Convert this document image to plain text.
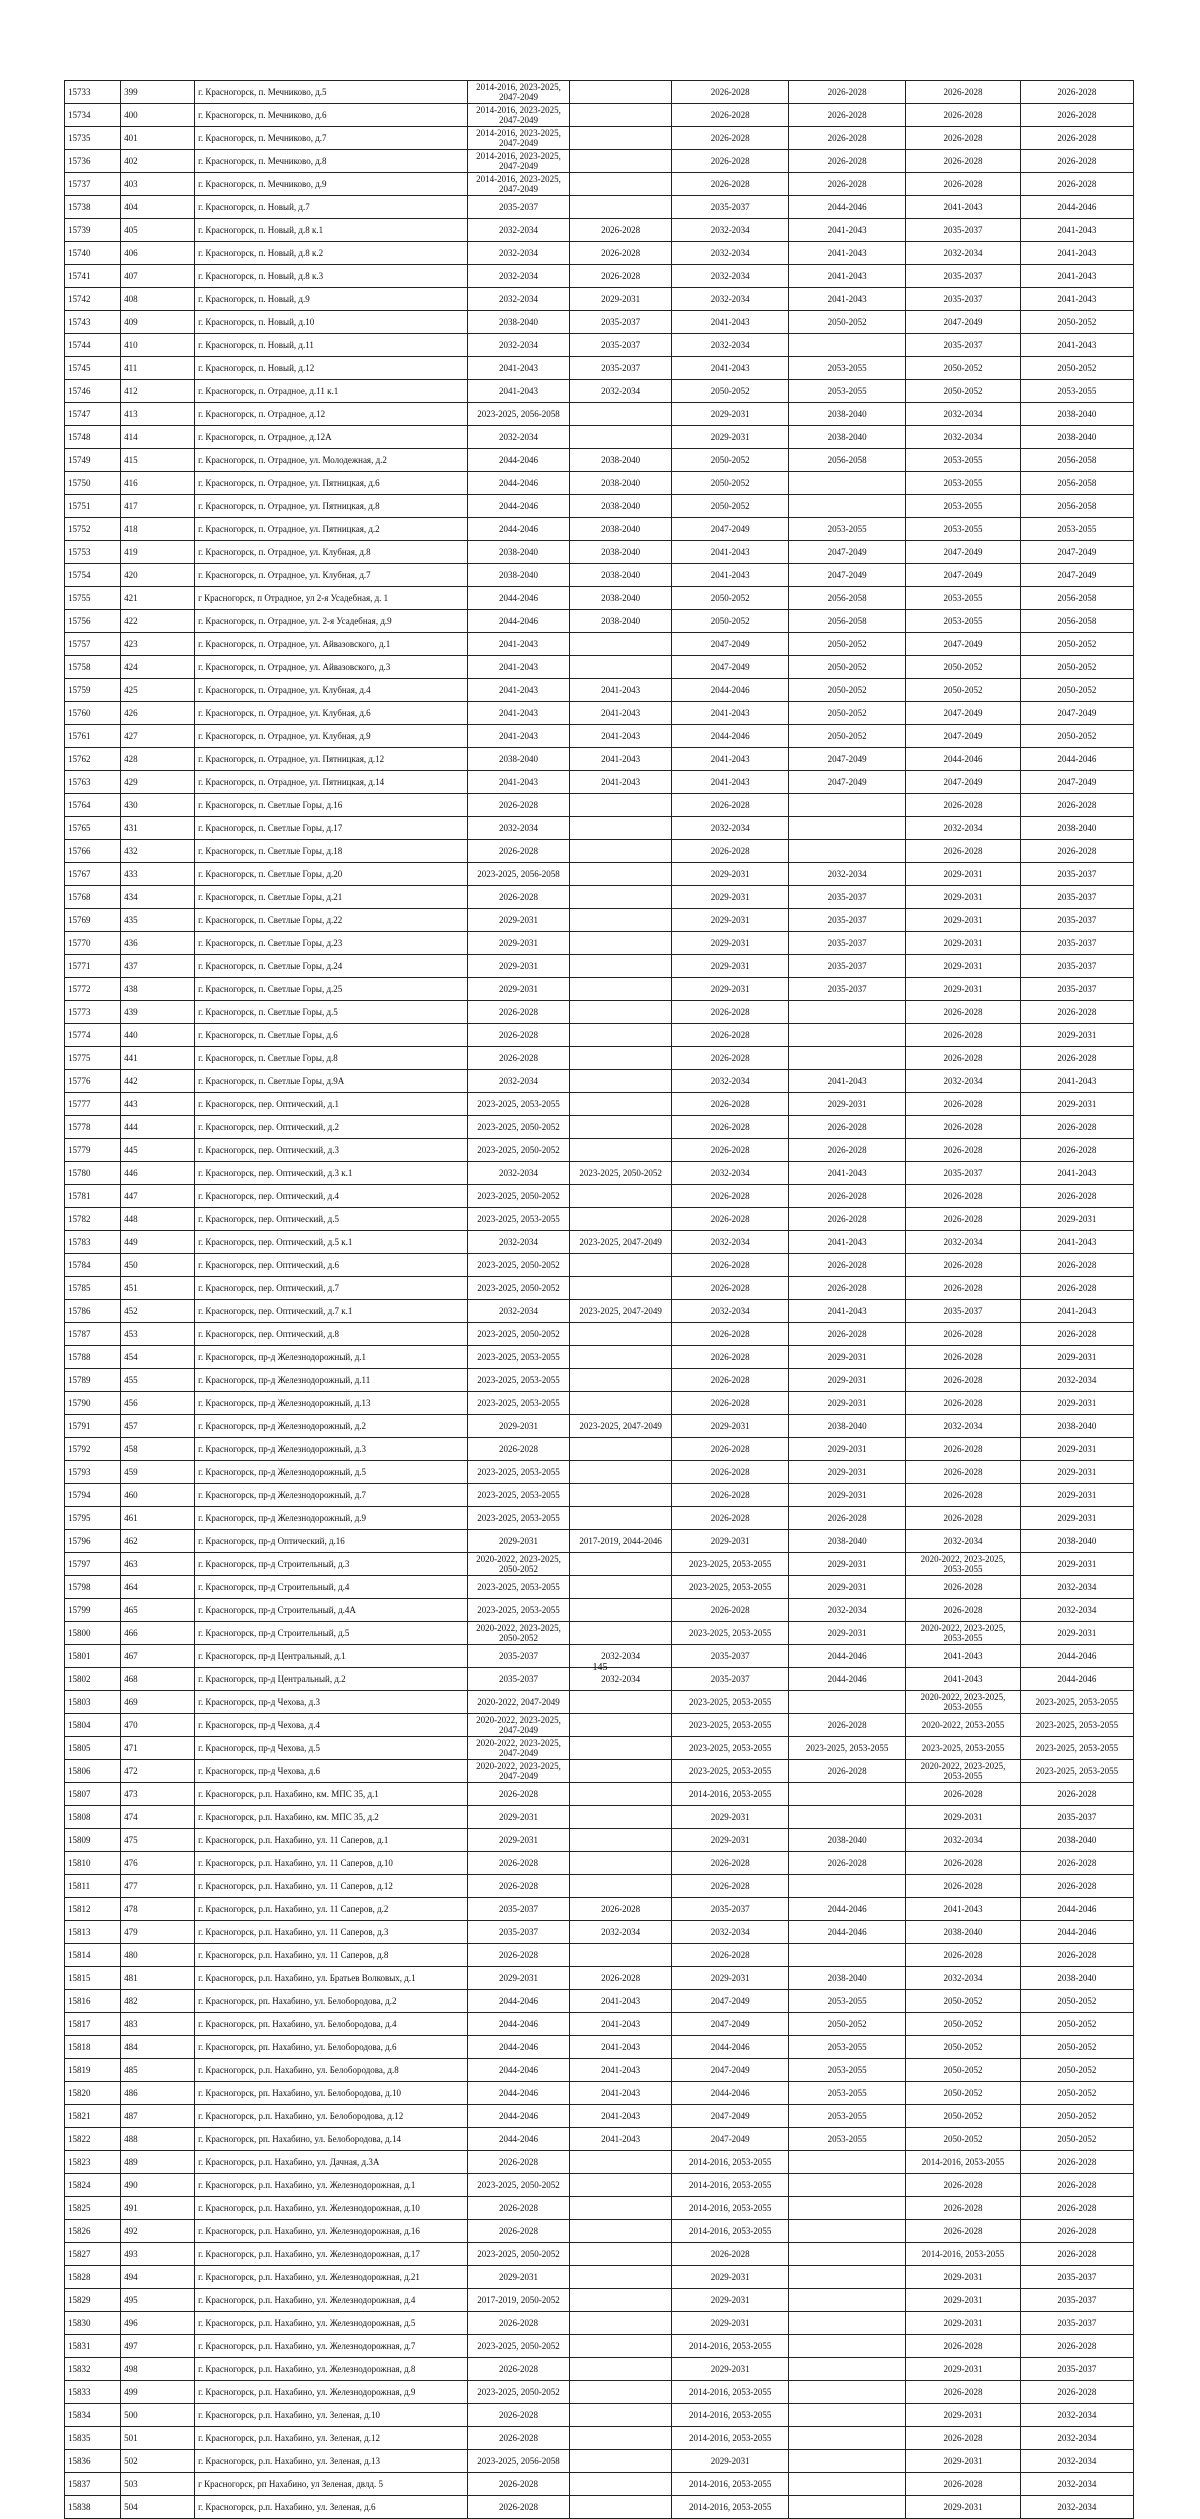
15733	399	г. Красногорск, п. Мечниково, д.5	2014-2016, 2023-2025, 2047-2049		2026-2028	2026-2028	2026-2028	2026-2028
15734	400	г. Красногорск, п. Мечниково, д.6	2014-2016, 2023-2025, 2047-2049		2026-2028	2026-2028	2026-2028	2026-2028
15735	401	г. Красногорск, п. Мечниково, д.7	2014-2016, 2023-2025, 2047-2049		2026-2028	2026-2028	2026-2028	2026-2028
15736	402	г. Красногорск, п. Мечниково, д.8	2014-2016, 2023-2025, 2047-2049		2026-2028	2026-2028	2026-2028	2026-2028
15737	403	г. Красногорск, п. Мечниково, д.9	2014-2016, 2023-2025, 2047-2049		2026-2028	2026-2028	2026-2028	2026-2028
15738	404	г. Красногорск, п. Новый, д.7	2035-2037		2035-2037	2044-2046	2041-2043	2044-2046
15739	405	г. Красногорск, п. Новый, д.8 к.1	2032-2034	2026-2028	2032-2034	2041-2043	2035-2037	2041-2043
15740	406	г. Красногорск, п. Новый, д.8 к.2	2032-2034	2026-2028	2032-2034	2041-2043	2032-2034	2041-2043
15741	407	г. Красногорск, п. Новый, д.8 к.3	2032-2034	2026-2028	2032-2034	2041-2043	2035-2037	2041-2043
15742	408	г. Красногорск, п. Новый, д.9	2032-2034	2029-2031	2032-2034	2041-2043	2035-2037	2041-2043
15743	409	г. Красногорск, п. Новый, д.10	2038-2040	2035-2037	2041-2043	2050-2052	2047-2049	2050-2052
15744	410	г. Красногорск, п. Новый, д.11	2032-2034	2035-2037	2032-2034		2035-2037	2041-2043
15745	411	г. Красногорск, п. Новый, д.12	2041-2043	2035-2037	2041-2043	2053-2055	2050-2052	2050-2052
15746	412	г. Красногорск, п. Отрадное, д.11 к.1	2041-2043	2032-2034	2050-2052	2053-2055	2050-2052	2053-2055
15747	413	г. Красногорск, п. Отрадное, д.12	2023-2025, 2056-2058		2029-2031	2038-2040	2032-2034	2038-2040
15748	414	г. Красногорск, п. Отрадное, д.12А	2032-2034		2029-2031	2038-2040	2032-2034	2038-2040
15749	415	г. Красногорск, п. Отрадное, ул. Молодежная, д.2	2044-2046	2038-2040	2050-2052	2056-2058	2053-2055	2056-2058
15750	416	г. Красногорск, п. Отрадное, ул. Пятницкая, д.6	2044-2046	2038-2040	2050-2052		2053-2055	2056-2058
15751	417	г. Красногорск, п. Отрадное, ул. Пятницкая, д.8	2044-2046	2038-2040	2050-2052		2053-2055	2056-2058
15752	418	г. Красногорск, п. Отрадное, ул. Пятницкая, д.2	2044-2046	2038-2040	2047-2049	2053-2055	2053-2055	2053-2055
15753	419	г. Красногорск, п. Отрадное, ул. Клубная, д.8	2038-2040	2038-2040	2041-2043	2047-2049	2047-2049	2047-2049
15754	420	г. Красногорск, п. Отрадное, ул. Клубная, д.7	2038-2040	2038-2040	2041-2043	2047-2049	2047-2049	2047-2049
15755	421	г Красногорск, п Отрадное, ул 2-я Усадебная, д. 1	2044-2046	2038-2040	2050-2052	2056-2058	2053-2055	2056-2058
15756	422	г. Красногорск, п. Отрадное, ул. 2-я Усадебная, д.9	2044-2046	2038-2040	2050-2052	2056-2058	2053-2055	2056-2058
15757	423	г. Красногорск, п. Отрадное, ул. Айвазовского, д.1	2041-2043		2047-2049	2050-2052	2047-2049	2050-2052
15758	424	г. Красногорск, п. Отрадное, ул. Айвазовского, д.3	2041-2043		2047-2049	2050-2052	2050-2052	2050-2052
15759	425	г. Красногорск, п. Отрадное, ул. Клубная, д.4	2041-2043	2041-2043	2044-2046	2050-2052	2050-2052	2050-2052
15760	426	г. Красногорск, п. Отрадное, ул. Клубная, д.6	2041-2043	2041-2043	2041-2043	2050-2052	2047-2049	2047-2049
15761	427	г. Красногорск, п. Отрадное, ул. Клубная, д.9	2041-2043	2041-2043	2044-2046	2050-2052	2047-2049	2050-2052
15762	428	г. Красногорск, п. Отрадное, ул. Пятницкая, д.12	2038-2040	2041-2043	2041-2043	2047-2049	2044-2046	2044-2046
15763	429	г. Красногорск, п. Отрадное, ул. Пятницкая, д.14	2041-2043	2041-2043	2041-2043	2047-2049	2047-2049	2047-2049
15764	430	г. Красногорск, п. Светлые Горы, д.16	2026-2028		2026-2028		2026-2028	2026-2028
15765	431	г. Красногорск, п. Светлые Горы, д.17	2032-2034		2032-2034		2032-2034	2038-2040
15766	432	г. Красногорск, п. Светлые Горы, д.18	2026-2028		2026-2028		2026-2028	2026-2028
15767	433	г. Красногорск, п. Светлые Горы, д.20	2023-2025, 2056-2058		2029-2031	2032-2034	2029-2031	2035-2037
15768	434	г. Красногорск, п. Светлые Горы, д.21	2026-2028		2029-2031	2035-2037	2029-2031	2035-2037
15769	435	г. Красногорск, п. Светлые Горы, д.22	2029-2031		2029-2031	2035-2037	2029-2031	2035-2037
15770	436	г. Красногорск, п. Светлые Горы, д.23	2029-2031		2029-2031	2035-2037	2029-2031	2035-2037
15771	437	г. Красногорск, п. Светлые Горы, д.24	2029-2031		2029-2031	2035-2037	2029-2031	2035-2037
15772	438	г. Красногорск, п. Светлые Горы, д.25	2029-2031		2029-2031	2035-2037	2029-2031	2035-2037
15773	439	г. Красногорск, п. Светлые Горы, д.5	2026-2028		2026-2028		2026-2028	2026-2028
15774	440	г. Красногорск, п. Светлые Горы, д.6	2026-2028		2026-2028		2026-2028	2029-2031
15775	441	г. Красногорск, п. Светлые Горы, д.8	2026-2028		2026-2028		2026-2028	2026-2028
15776	442	г. Красногорск, п. Светлые Горы, д.9А	2032-2034		2032-2034	2041-2043	2032-2034	2041-2043
15777	443	г. Красногорск, пер. Оптический, д.1	2023-2025, 2053-2055		2026-2028	2029-2031	2026-2028	2029-2031
15778	444	г. Красногорск, пер. Оптический, д.2	2023-2025, 2050-2052		2026-2028	2026-2028	2026-2028	2026-2028
15779	445	г. Красногорск, пер. Оптический, д.3	2023-2025, 2050-2052		2026-2028	2026-2028	2026-2028	2026-2028
15780	446	г. Красногорск, пер. Оптический, д.3 к.1	2032-2034	2023-2025, 2050-2052	2032-2034	2041-2043	2035-2037	2041-2043
15781	447	г. Красногорск, пер. Оптический, д.4	2023-2025, 2050-2052		2026-2028	2026-2028	2026-2028	2026-2028
15782	448	г. Красногорск, пер. Оптический, д.5	2023-2025, 2053-2055		2026-2028	2026-2028	2026-2028	2029-2031
15783	449	г. Красногорск, пер. Оптический, д.5 к.1	2032-2034	2023-2025, 2047-2049	2032-2034	2041-2043	2032-2034	2041-2043
15784	450	г. Красногорск, пер. Оптический, д.6	2023-2025, 2050-2052		2026-2028	2026-2028	2026-2028	2026-2028
15785	451	г. Красногорск, пер. Оптический, д.7	2023-2025, 2050-2052		2026-2028	2026-2028	2026-2028	2026-2028
15786	452	г. Красногорск, пер. Оптический, д.7 к.1	2032-2034	2023-2025, 2047-2049	2032-2034	2041-2043	2035-2037	2041-2043
15787	453	г. Красногорск, пер. Оптический, д.8	2023-2025, 2050-2052		2026-2028	2026-2028	2026-2028	2026-2028
15788	454	г. Красногорск, пр-д Железнодорожный, д.1	2023-2025, 2053-2055		2026-2028	2029-2031	2026-2028	2029-2031
15789	455	г. Красногорск, пр-д Железнодорожный, д.11	2023-2025, 2053-2055		2026-2028	2029-2031	2026-2028	2032-2034
15790	456	г. Красногорск, пр-д Железнодорожный, д.13	2023-2025, 2053-2055		2026-2028	2029-2031	2026-2028	2029-2031
15791	457	г. Красногорск, пр-д Железнодорожный, д.2	2029-2031	2023-2025, 2047-2049	2029-2031	2038-2040	2032-2034	2038-2040
15792	458	г. Красногорск, пр-д Железнодорожный, д.3	2026-2028		2026-2028	2029-2031	2026-2028	2029-2031
15793	459	г. Красногорск, пр-д Железнодорожный, д.5	2023-2025, 2053-2055		2026-2028	2029-2031	2026-2028	2029-2031
15794	460	г. Красногорск, пр-д Железнодорожный, д.7	2023-2025, 2053-2055		2026-2028	2029-2031	2026-2028	2029-2031
15795	461	г. Красногорск, пр-д Железнодорожный, д.9	2023-2025, 2053-2055		2026-2028	2026-2028	2026-2028	2029-2031
15796	462	г. Красногорск, пр-д Оптический, д.16	2029-2031	2017-2019, 2044-2046	2029-2031	2038-2040	2032-2034	2038-2040
15797	463	г. Красногорск, пр-д Строительный, д.3	2020-2022, 2023-2025, 2050-2052		2023-2025, 2053-2055	2029-2031	2020-2022, 2023-2025, 2053-2055	2029-2031
15798	464	г. Красногорск, пр-д Строительный, д.4	2023-2025, 2053-2055		2023-2025, 2053-2055	2029-2031	2026-2028	2032-2034
15799	465	г. Красногорск, пр-д Строительный, д.4А	2023-2025, 2053-2055		2026-2028	2032-2034	2026-2028	2032-2034
15800	466	г. Красногорск, пр-д Строительный, д.5	2020-2022, 2023-2025, 2050-2052		2023-2025, 2053-2055	2029-2031	2020-2022, 2023-2025, 2053-2055	2029-2031
15801	467	г. Красногорск, пр-д Центральный, д.1	2035-2037	2032-2034	2035-2037	2044-2046	2041-2043	2044-2046
15802	468	г. Красногорск, пр-д Центральный, д.2	2035-2037	2032-2034	2035-2037	2044-2046	2041-2043	2044-2046
15803	469	г. Красногорск, пр-д Чехова, д.3	2020-2022, 2047-2049		2023-2025, 2053-2055		2020-2022, 2023-2025, 2053-2055	2023-2025, 2053-2055
15804	470	г. Красногорск, пр-д Чехова, д.4	2020-2022, 2023-2025, 2047-2049		2023-2025, 2053-2055	2026-2028	2020-2022, 2053-2055	2023-2025, 2053-2055
15805	471	г. Красногорск, пр-д Чехова, д.5	2020-2022, 2023-2025, 2047-2049		2023-2025, 2053-2055	2023-2025, 2053-2055	2023-2025, 2053-2055	2023-2025, 2053-2055
15806	472	г. Красногорск, пр-д Чехова, д.6	2020-2022, 2023-2025, 2047-2049		2023-2025, 2053-2055	2026-2028	2020-2022, 2023-2025, 2053-2055	2023-2025, 2053-2055
15807	473	г. Красногорск, р.п. Нахабино, км. МПС 35, д.1	2026-2028		2014-2016, 2053-2055		2026-2028	2026-2028
15808	474	г. Красногорск, р.п. Нахабино, км. МПС 35, д.2	2029-2031		2029-2031		2029-2031	2035-2037
15809	475	г. Красногорск, р.п. Нахабино, ул. 11 Саперов, д.1	2029-2031		2029-2031	2038-2040	2032-2034	2038-2040
15810	476	г. Красногорск, р.п. Нахабино, ул. 11 Саперов, д.10	2026-2028		2026-2028	2026-2028	2026-2028	2026-2028
15811	477	г. Красногорск, р.п. Нахабино, ул. 11 Саперов, д.12	2026-2028		2026-2028		2026-2028	2026-2028
15812	478	г. Красногорск, р.п. Нахабино, ул. 11 Саперов, д.2	2035-2037	2026-2028	2035-2037	2044-2046	2041-2043	2044-2046
15813	479	г. Красногорск, р.п. Нахабино, ул. 11 Саперов, д.3	2035-2037	2032-2034	2032-2034	2044-2046	2038-2040	2044-2046
15814	480	г. Красногорск, р.п. Нахабино, ул. 11 Саперов, д.8	2026-2028		2026-2028		2026-2028	2026-2028
15815	481	г. Красногорск, р.п. Нахабино, ул. Братьев Волковых, д.1	2029-2031	2026-2028	2029-2031	2038-2040	2032-2034	2038-2040
15816	482	г. Красногорск, рп. Нахабино, ул. Белобородова, д.2	2044-2046	2041-2043	2047-2049	2053-2055	2050-2052	2050-2052
15817	483	г. Красногорск, рп. Нахабино, ул. Белобородова, д.4	2044-2046	2041-2043	2047-2049	2050-2052	2050-2052	2050-2052
15818	484	г. Красногорск, рп. Нахабино, ул. Белобородова, д.6	2044-2046	2041-2043	2044-2046	2053-2055	2050-2052	2050-2052
15819	485	г. Красногорск, р.п. Нахабино, ул. Белобородова, д.8	2044-2046	2041-2043	2047-2049	2053-2055	2050-2052	2050-2052
15820	486	г. Красногорск, рп. Нахабино, ул. Белобородова, д.10	2044-2046	2041-2043	2044-2046	2053-2055	2050-2052	2050-2052
15821	487	г. Красногорск, р.п. Нахабино, ул. Белобородова, д.12	2044-2046	2041-2043	2047-2049	2053-2055	2050-2052	2050-2052
15822	488	г. Красногорск, рп. Нахабино, ул. Белобородова, д.14	2044-2046	2041-2043	2047-2049	2053-2055	2050-2052	2050-2052
15823	489	г. Красногорск, р.п. Нахабино, ул. Дачная, д.3А	2026-2028		2014-2016, 2053-2055		2014-2016, 2053-2055	2026-2028
15824	490	г. Красногорск, р.п. Нахабино, ул. Железнодорожная, д.1	2023-2025, 2050-2052		2014-2016, 2053-2055		2026-2028	2026-2028
15825	491	г. Красногорск, р.п. Нахабино, ул. Железнодорожная, д.10	2026-2028		2014-2016, 2053-2055		2026-2028	2026-2028
15826	492	г. Красногорск, р.п. Нахабино, ул. Железнодорожная, д.16	2026-2028		2014-2016, 2053-2055		2026-2028	2026-2028
15827	493	г. Красногорск, р.п. Нахабино, ул. Железнодорожная, д.17	2023-2025, 2050-2052		2026-2028		2014-2016, 2053-2055	2026-2028
15828	494	г. Красногорск, р.п. Нахабино, ул. Железнодорожная, д.21	2029-2031		2029-2031		2029-2031	2035-2037
15829	495	г. Красногорск, р.п. Нахабино, ул. Железнодорожная, д.4	2017-2019, 2050-2052		2029-2031		2029-2031	2035-2037
15830	496	г. Красногорск, р.п. Нахабино, ул. Железнодорожная, д.5	2026-2028		2029-2031		2029-2031	2035-2037
15831	497	г. Красногорск, р.п. Нахабино, ул. Железнодорожная, д.7	2023-2025, 2050-2052		2014-2016, 2053-2055		2026-2028	2026-2028
15832	498	г. Красногорск, р.п. Нахабино, ул. Железнодорожная, д.8	2026-2028		2029-2031		2029-2031	2035-2037
15833	499	г. Красногорск, р.п. Нахабино, ул. Железнодорожная, д.9	2023-2025, 2050-2052		2014-2016, 2053-2055		2026-2028	2026-2028
15834	500	г. Красногорск, р.п. Нахабино, ул. Зеленая, д.10	2026-2028		2014-2016, 2053-2055		2029-2031	2032-2034
15835	501	г. Красногорск, р.п. Нахабино, ул. Зеленая, д.12	2026-2028		2014-2016, 2053-2055		2026-2028	2032-2034
15836	502	г. Красногорск, р.п. Нахабино, ул. Зеленая, д.13	2023-2025, 2056-2058		2029-2031		2029-2031	2032-2034
15837	503	г Красногорск, рп Нахабино, ул Зеленая, двлд. 5	2026-2028		2014-2016, 2053-2055		2026-2028	2032-2034
15838	504	г. Красногорск, р.п. Нахабино, ул. Зеленая, д.6	2026-2028		2014-2016, 2053-2055		2029-2031	2032-2034
145
